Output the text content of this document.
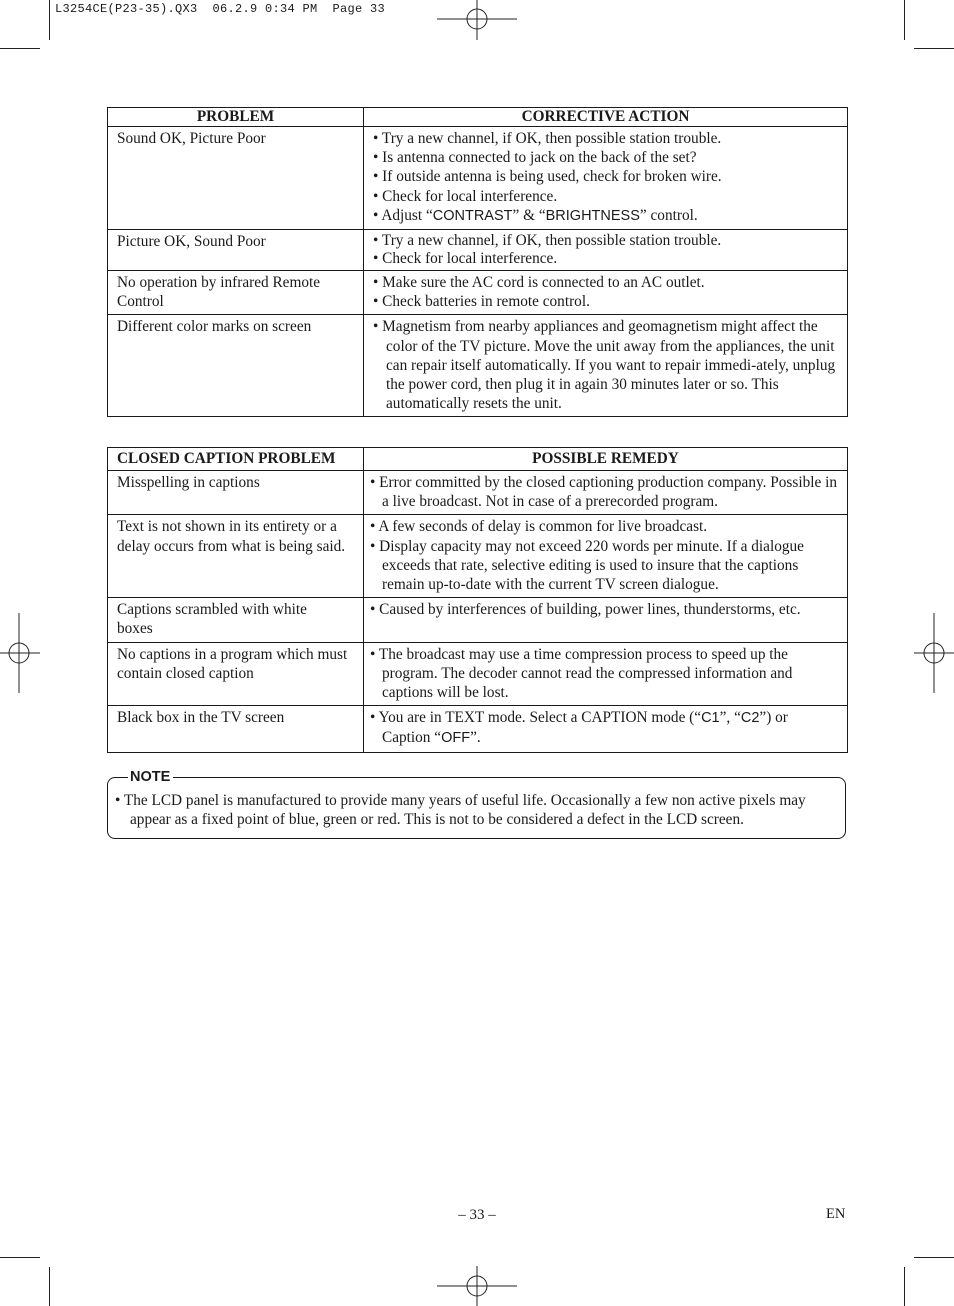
L3254CE(P23-35).QX3  06.2.9 0:34 PM  Page 33
PROBLEM	CORRECTIVE ACTION
Sound OK, Picture Poor	• Try a new channel, if OK, then possible station trouble.
• Is antenna connected to jack on the back of the set?
• If outside antenna is being used, check for broken wire.
• Check for local interference.
• Adjust “CONTRAST” & “BRIGHTNESS” control.

Picture OK, Sound Poor	• Try a new channel, if OK, then possible station trouble.
• Check for local interference.

No operation by infrared Remote Control	• Make sure the AC cord is connected to an AC outlet.
• Check batteries in remote control.

Different color marks on screen	• Magnetism from nearby appliances and geomagnetism might affect the color of the TV picture. Move the unit away from the appliances, the unit can repair itself automatically. If you want to repair immedi-ately, unplug the power cord, then plug it in again 30 minutes later or so. This automatically resets the unit.
CLOSED CAPTION PROBLEM	POSSIBLE REMEDY
Misspelling in captions	• Error committed by the closed captioning production company. Possible in a live broadcast. Not in case of a prerecorded program.

Text is not shown in its entirety or a delay occurs from what is being said.	• A few seconds of delay is common for live broadcast.
• Display capacity may not exceed 220 words per minute. If a dialogue exceeds that rate, selective editing is used to insure that the captions remain up-to-date with the current TV screen dialogue.

Captions scrambled with white boxes	• Caused by interferences of building, power lines, thunderstorms, etc.

No captions in a program which must contain closed caption	• The broadcast may use a time compression process to speed up the program. The decoder cannot read the compressed information and captions will be lost.

Black box in the TV screen	• You are in TEXT mode. Select a CAPTION mode (“C1”, “C2”) or Caption “OFF”.
NOTE
• The LCD panel is manufactured to provide many years of useful life. Occasionally a few non active pixels may appear as a fixed point of blue, green or red. This is not to be considered a defect in the LCD screen.
– 33 –	EN
